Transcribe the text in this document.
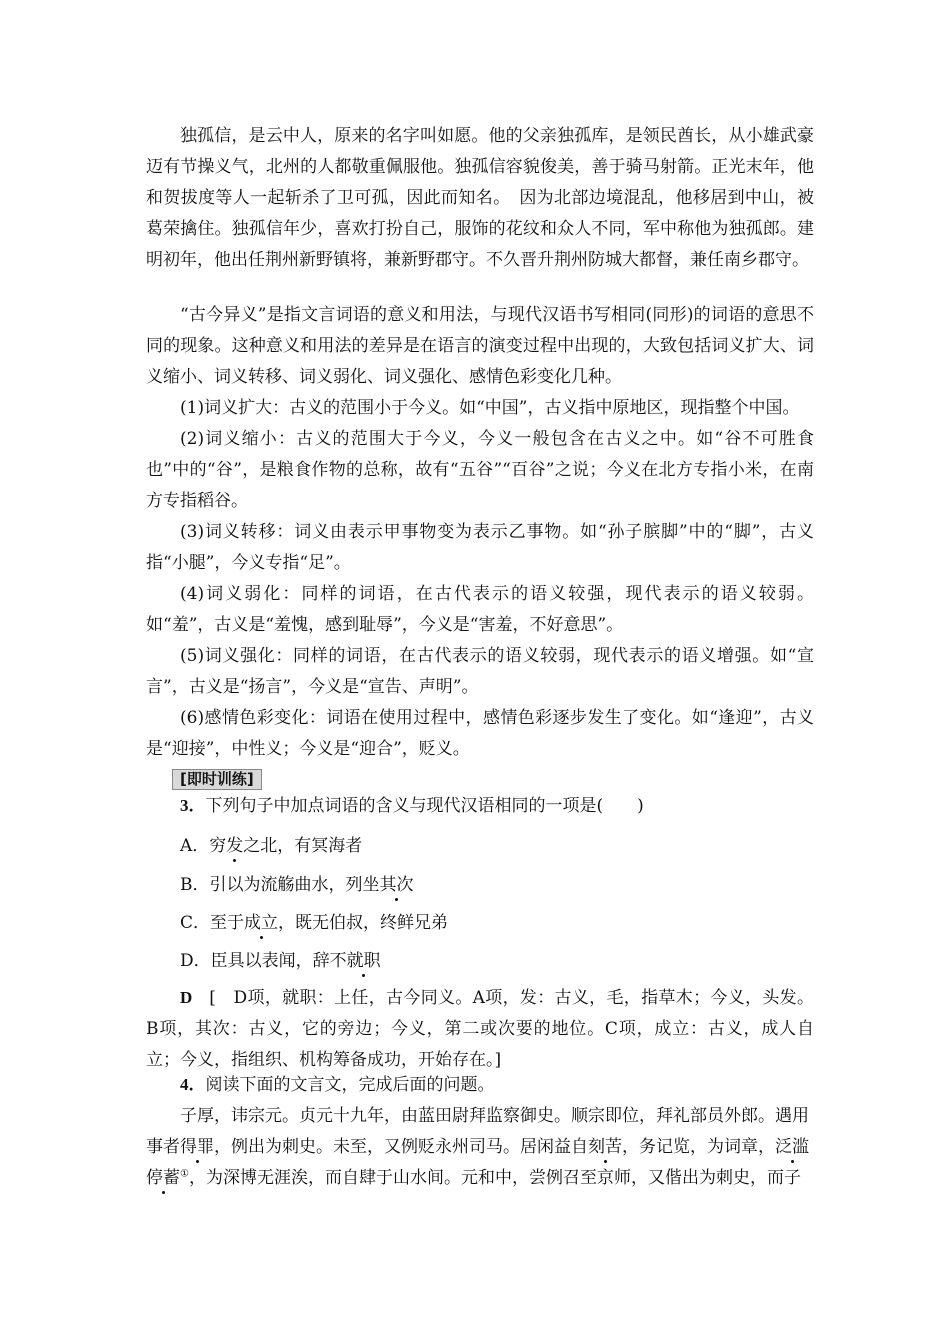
独孤信，是云中人，原来的名字叫如愿。他的父亲独孤库，是领民酋长，从小雄武豪迈有节操义气，北州的人都敬重佩服他。独孤信容貌俊美，善于骑马射箭。正光末年，他和贺拔度等人一起斩杀了卫可孤，因此而知名。　因为北部边境混乱，他移居到中山，被葛荣擒住。独孤信年少，喜欢打扮自己，服饰的花纹和众人不同，军中称他为独孤郎。建明初年，他出任荆州新野镇将，兼新野郡守。不久晋升荆州防城大都督，兼任南乡郡守。
“古今异义”是指文言词语的意义和用法，与现代汉语书写相同(同形)的词语的意思不同的现象。这种意义和用法的差异是在语言的演变过程中出现的，大致包括词义扩大、词义缩小、词义转移、词义弱化、词义强化、感情色彩变化几种。
(1)词义扩大：古义的范围小于今义。如“中国”，古义指中原地区，现指整个中国。
(2)词义缩小：古义的范围大于今义，今义一般包含在古义之中。如“谷不可胜食也”中的“谷”，是粮食作物的总称，故有“五谷”“百谷”之说；今义在北方专指小米，在南方专指稻谷。
(3)词义转移：词义由表示甲事物变为表示乙事物。如“孙子膑脚”中的“脚”，古义指“小腿”，今义专指“足”。
(4)词义弱化：同样的词语，在古代表示的语义较强，现代表示的语义较弱。如“羞”，古义是“羞愧，感到耻辱”，今义是“害羞，不好意思”。
(5)词义强化：同样的词语，在古代表示的语义较弱，现代表示的语义增强。如“宣言”，古义是“扬言”，今义是“宣告、声明”。
(6)感情色彩变化：词语在使用过程中，感情色彩逐步发生了变化。如“逢迎”，古义是“迎接”，中性义；今义是“迎合”，贬义。
[即时训练]
3．下列句子中加点词语的含义与现代汉语相同的一项是(　　)
A．穷发之北，有冥海者
B．引以为流觞曲水，列坐其次
C．至于成立，既无伯叔，终鲜兄弟
D．臣具以表闻，辞不就职
D  [　D项，就职：上任，古今同义。A项，发：古义，毛，指草木；今义，头发。B项，其次：古义，它的旁边；今义，第二或次要的地位。C项，成立：古义，成人自立；今义，指组织、机构筹备成功，开始存在。]
4．阅读下面的文言文，完成后面的问题。
子厚，讳宗元。贞元十九年，由蓝田尉拜监察御史。顺宗即位，拜礼部员外郎。遇用
事者得罪，例出为刺史。未至，又例贬永州司马。居闲益自刻苦，务记览，为词章，泛滥
停蓄①，为深博无涯涘，而自肆于山水间。元和中，尝例召至京师，又偕出为刺史，而子
